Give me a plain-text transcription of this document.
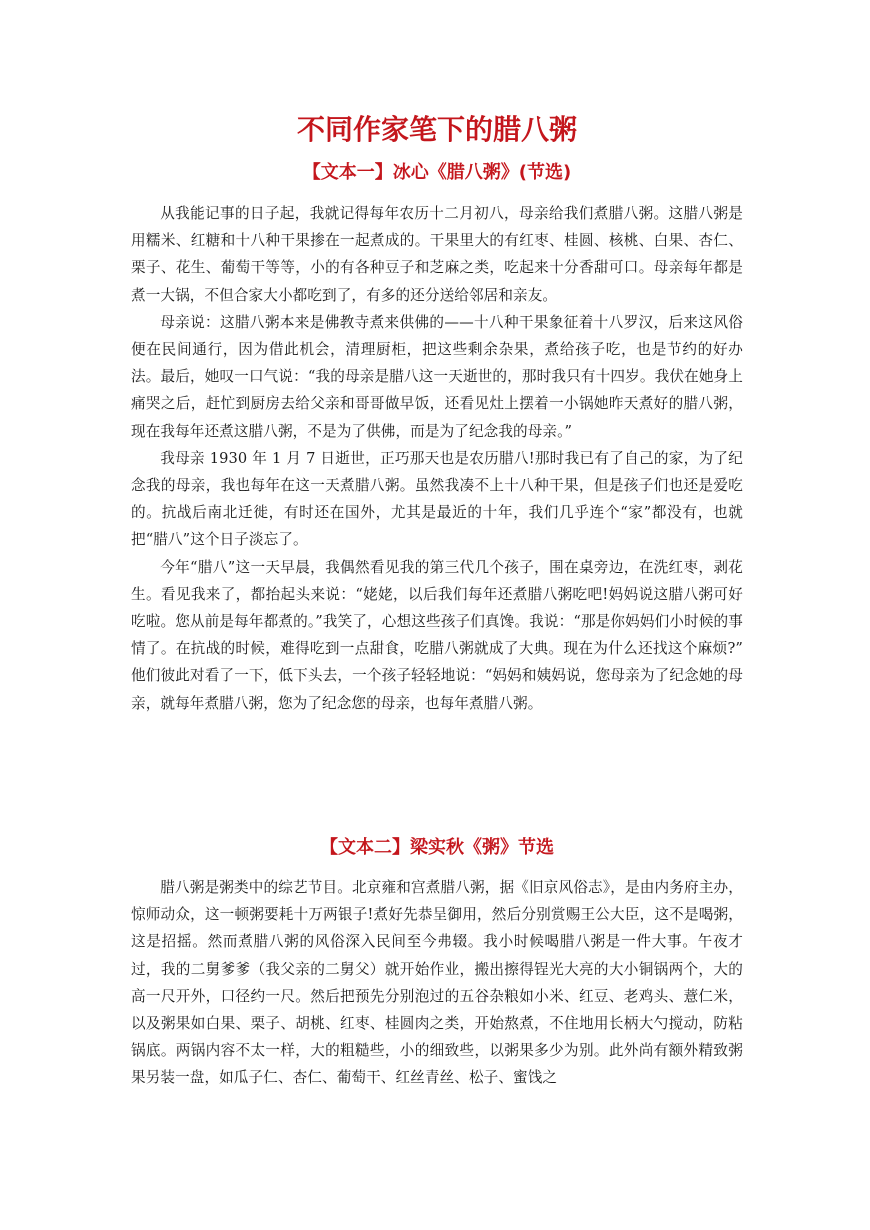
不同作家笔下的腊八粥
【文本一】冰心《腊八粥》(节选)

从我能记事的日子起，我就记得每年农历十二月初八，母亲给我们煮腊八粥。这腊八粥是用糯米、红糖和十八种干果掺在一起煮成的。干果里大的有红枣、桂圆、核桃、白果、杏仁、栗子、花生、葡萄干等等，小的有各种豆子和芝麻之类，吃起来十分香甜可口。母亲每年都是煮一大锅，不但合家大小都吃到了，有多的还分送给邻居和亲友。

母亲说：这腊八粥本来是佛教寺煮来供佛的——十八种干果象征着十八罗汉，后来这风俗便在民间通行，因为借此机会，清理厨柜，把这些剩余杂果，煮给孩子吃，也是节约的好办法。最后，她叹一口气说：“我的母亲是腊八这一天逝世的，那时我只有十四岁。我伏在她身上痛哭之后，赶忙到厨房去给父亲和哥哥做早饭，还看见灶上摆着一小锅她昨天煮好的腊八粥，现在我每年还煮这腊八粥，不是为了供佛，而是为了纪念我的母亲。”

我母亲 1930 年 1 月 7 日逝世，正巧那天也是农历腊八!那时我已有了自己的家，为了纪念我的母亲，我也每年在这一天煮腊八粥。虽然我凑不上十八种干果，但是孩子们也还是爱吃的。抗战后南北迁徙，有时还在国外，尤其是最近的十年，我们几乎连个“家”都没有，也就把“腊八”这个日子淡忘了。

今年“腊八”这一天早晨，我偶然看见我的第三代几个孩子，围在桌旁边，在洗红枣，剥花生。看见我来了，都抬起头来说：“姥姥，以后我们每年还煮腊八粥吃吧!妈妈说这腊八粥可好吃啦。您从前是每年都煮的。”我笑了，心想这些孩子们真馋。我说：“那是你妈妈们小时候的事情了。在抗战的时候，难得吃到一点甜食，吃腊八粥就成了大典。现在为什么还找这个麻烦?” 他们彼此对看了一下，低下头去，一个孩子轻轻地说：“妈妈和姨妈说，您母亲为了纪念她的母亲，就每年煮腊八粥，您为了纪念您的母亲，也每年煮腊八粥。

【文本二】梁实秋《粥》节选

腊八粥是粥类中的综艺节目。北京雍和宫煮腊八粥，据《旧京风俗志》，是由内务府主办，惊师动众，这一顿粥要耗十万两银子!煮好先恭呈御用，然后分别赏赐王公大臣，这不是喝粥，这是招摇。然而煮腊八粥的风俗深入民间至今弗辍。我小时候喝腊八粥是一件大事。午夜才过，我的二舅爹爹（我父亲的二舅父）就开始作业，搬出擦得锃光大亮的大小铜锅两个，大的高一尺开外，口径约一尺。然后把预先分别泡过的五谷杂粮如小米、红豆、老鸡头、薏仁米，以及粥果如白果、栗子、胡桃、红枣、桂圆肉之类，开始熬煮，不住地用长柄大勺搅动，防粘锅底。两锅内容不太一样，大的粗糙些，小的细致些，以粥果多少为别。此外尚有额外精致粥果另装一盘，如瓜子仁、杏仁、葡萄干、红丝青丝、松子、蜜饯之
